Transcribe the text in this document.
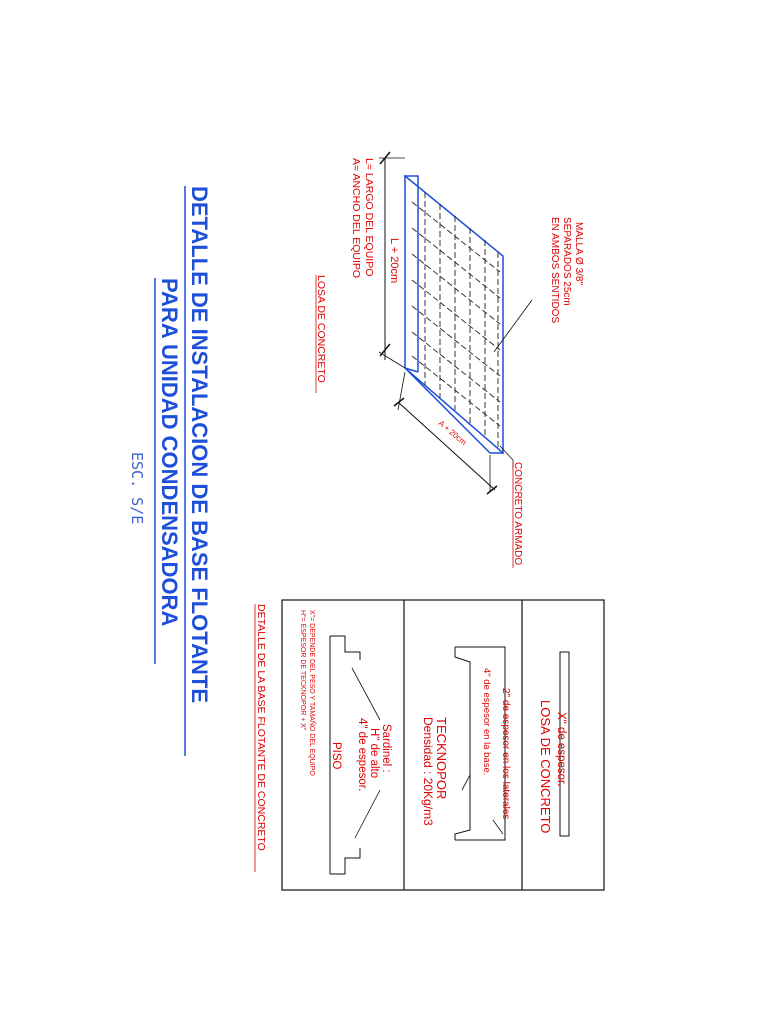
DETALLE DE INSTALACION DE BASE FLOTANTE
PARA UNIDAD CONDENSADORA
ESC. S/E
L + 20cm
A + 20cm
MALLA Ø 3/8"
SEPARADOS 25cm
EN AMBOS SENTIDOS
CONCRETO ARMADO
L= LARGO DEL EQUIPO
A= ANCHO DEL EQUIPO
LOSA DE CONCRETO
X" de espesor.
LOSA DE CONCRETO
2" de espesor en los laterales
4" de espesor en la base.
TECKNOPOR
Densidad : 20Kg/m3
Sardinel :
H" de alto
4" de espesor.
PISO
X"= DEPENDE DEL PESO Y TAMAÑO DEL EQUIPO
H"= ESPESOR DE TECKNOPOR + X"
DETALLE DE LA BASE FLOTANTE DE CONCRETO
